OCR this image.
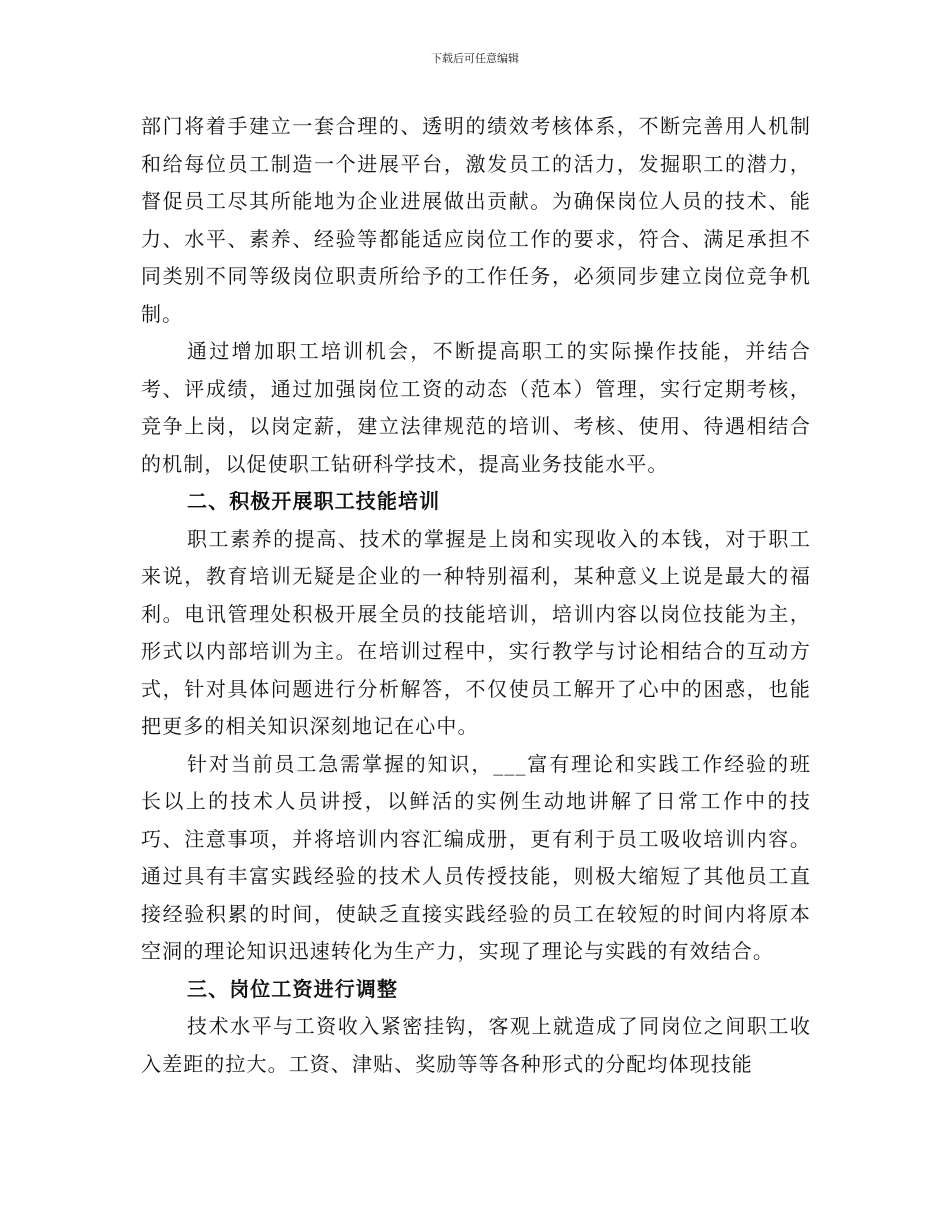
下载后可任意编辑

部门将着手建立一套合理的、透明的绩效考核体系，不断完善用人机制和给每位员工制造一个进展平台，激发员工的活力，发掘职工的潜力，督促员工尽其所能地为企业进展做出贡献。为确保岗位人员的技术、能力、水平、素养、经验等都能适应岗位工作的要求，符合、满足承担不同类别不同等级岗位职责所给予的工作任务，必须同步建立岗位竞争机制。

通过增加职工培训机会，不断提高职工的实际操作技能，并结合考、评成绩，通过加强岗位工资的动态（范本）管理，实行定期考核，竞争上岗，以岗定薪，建立法律规范的培训、考核、使用、待遇相结合的机制，以促使职工钻研科学技术，提高业务技能水平。

二、积极开展职工技能培训

职工素养的提高、技术的掌握是上岗和实现收入的本钱，对于职工来说，教育培训无疑是企业的一种特别福利，某种意义上说是最大的福利。电讯管理处积极开展全员的技能培训，培训内容以岗位技能为主，形式以内部培训为主。在培训过程中，实行教学与讨论相结合的互动方式，针对具体问题进行分析解答，不仅使员工解开了心中的困惑，也能把更多的相关知识深刻地记在心中。

针对当前员工急需掌握的知识，___富有理论和实践工作经验的班长以上的技术人员讲授，以鲜活的实例生动地讲解了日常工作中的技巧、注意事项，并将培训内容汇编成册，更有利于员工吸收培训内容。通过具有丰富实践经验的技术人员传授技能，则极大缩短了其他员工直接经验积累的时间，使缺乏直接实践经验的员工在较短的时间内将原本空洞的理论知识迅速转化为生产力，实现了理论与实践的有效结合。

三、岗位工资进行调整

技术水平与工资收入紧密挂钩，客观上就造成了同岗位之间职工收入差距的拉大。工资、津贴、奖励等等各种形式的分配均体现技能
